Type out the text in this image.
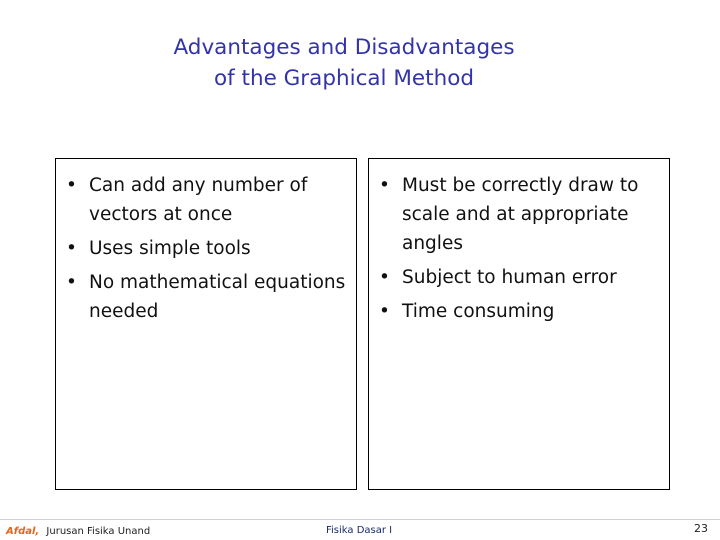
Advantages and Disadvantages
of the Graphical Method
• Can add any number of vectors at once
• Uses simple tools
• No mathematical equations needed
• Must be correctly draw to scale and at appropriate angles
• Subject to human error
• Time consuming
Afdal, Jurusan Fisika Unand	Fisika Dasar I	23
